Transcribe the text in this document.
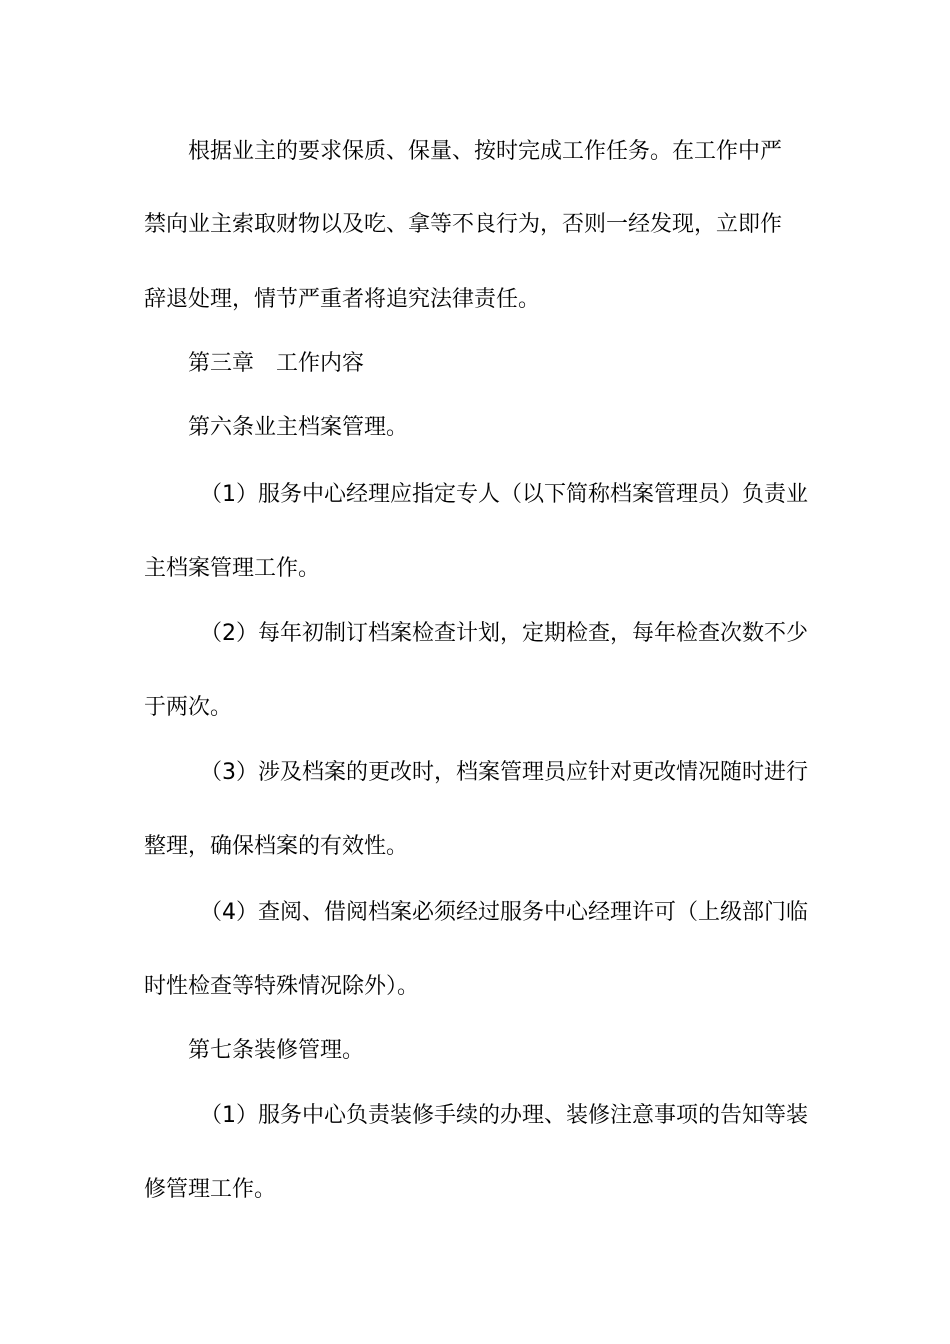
根据业主的要求保质、保量、按时完成工作任务。在工作中严
禁向业主索取财物以及吃、拿等不良行为，否则一经发现，立即作
辞退处理，情节严重者将追究法律责任。
第三章　工作内容
第六条业主档案管理。
（1）服务中心经理应指定专人（以下简称档案管理员）负责业
主档案管理工作。
（2）每年初制订档案检查计划，定期检查，每年检查次数不少
于两次。
（3）涉及档案的更改时，档案管理员应针对更改情况随时进行
整理，确保档案的有效性。
（4）查阅、借阅档案必须经过服务中心经理许可（上级部门临
时性检查等特殊情况除外）。
第七条装修管理。
（1）服务中心负责装修手续的办理、装修注意事项的告知等装
修管理工作。
